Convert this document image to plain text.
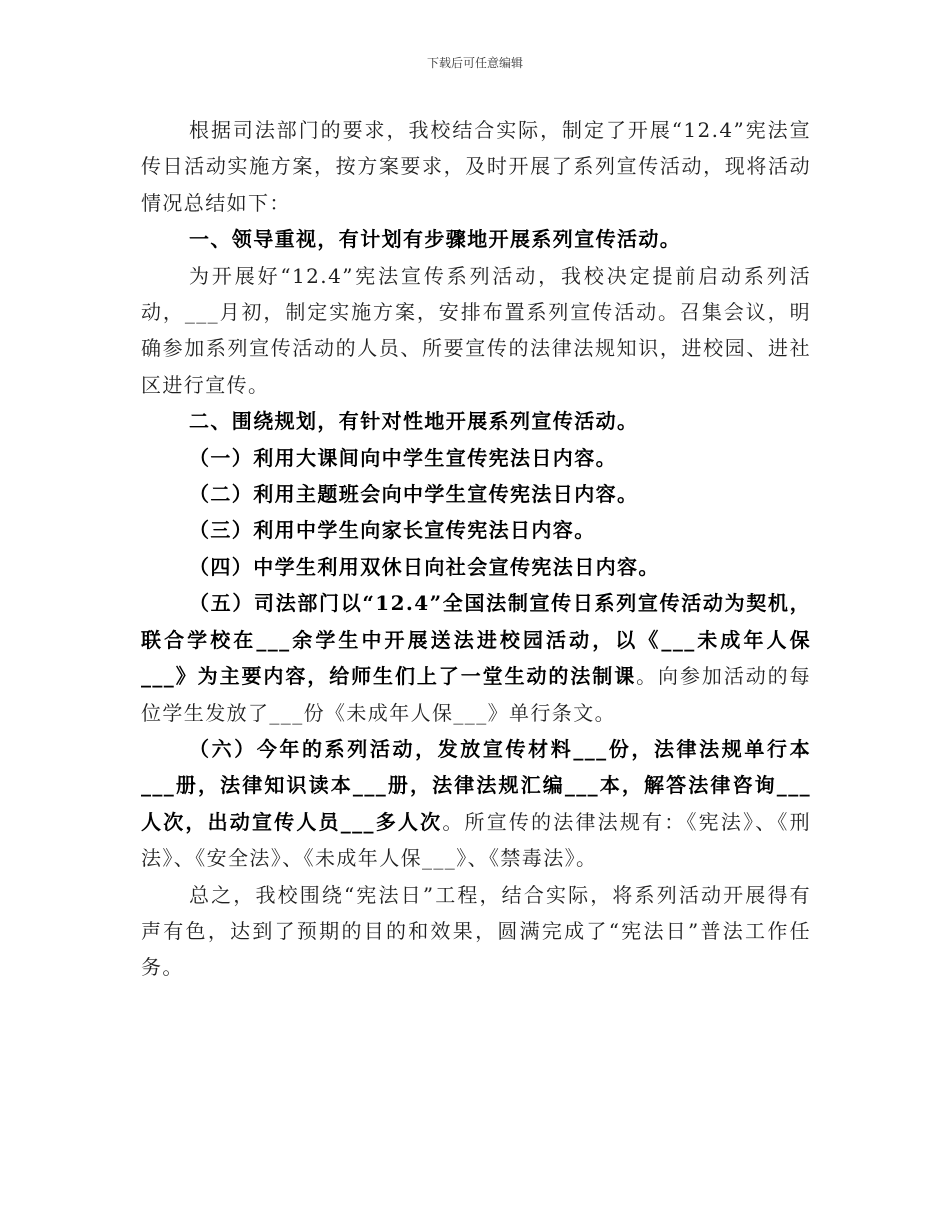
下载后可任意编辑

根据司法部门的要求，我校结合实际，制定了开展“12.4”宪法宣传日活动实施方案，按方案要求，及时开展了系列宣传活动，现将活动情况总结如下：

一、领导重视，有计划有步骤地开展系列宣传活动。

为开展好“12.4”宪法宣传系列活动，我校决定提前启动系列活动，___月初，制定实施方案，安排布置系列宣传活动。召集会议，明确参加系列宣传活动的人员、所要宣传的法律法规知识，进校园、进社区进行宣传。

二、围绕规划，有针对性地开展系列宣传活动。

（一）利用大课间向中学生宣传宪法日内容。

（二）利用主题班会向中学生宣传宪法日内容。

（三）利用中学生向家长宣传宪法日内容。

（四）中学生利用双休日向社会宣传宪法日内容。

（五）司法部门以“12.4”全国法制宣传日系列宣传活动为契机，联合学校在___余学生中开展送法进校园活动，以《___未成年人保___》为主要内容，给师生们上了一堂生动的法制课。向参加活动的每位学生发放了___份《未成年人保___》单行条文。

（六）今年的系列活动，发放宣传材料___份，法律法规单行本___册，法律知识读本___册，法律法规汇编___本，解答法律咨询___人次，出动宣传人员___多人次。所宣传的法律法规有：《宪法》、《刑法》、《安全法》、《未成年人保___》、《禁毒法》。

总之，我校围绕“宪法日”工程，结合实际，将系列活动开展得有声有色，达到了预期的目的和效果，圆满完成了“宪法日”普法工作任务。
